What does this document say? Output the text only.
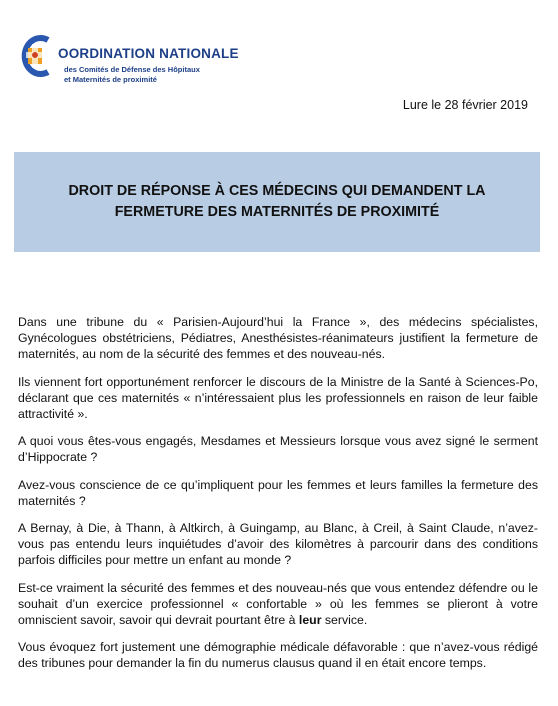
OORDINATION NATIONALE
des Comités de Défense des Hôpitaux
et Maternités de proximité
Lure le 28 février 2019
DROIT DE RÉPONSE À CES MÉDECINS QUI DEMANDENT LA
FERMETURE DES MATERNITÉS DE PROXIMITÉ

Dans une tribune du « Parisien-Aujourd’hui la France », des médecins spécialistes, Gynécologues obstétriciens, Pédiatres, Anesthésistes-réanimateurs justifient la fermeture de maternités, au nom de la sécurité des femmes et des nouveau-nés.

Ils viennent fort opportunément renforcer le discours de la Ministre de la Santé à Sciences-Po, déclarant que ces maternités « n’intéressaient plus les professionnels en raison de leur faible attractivité ».

A quoi vous êtes-vous engagés, Mesdames et Messieurs lorsque vous avez signé le serment d’Hippocrate ?

Avez-vous conscience de ce qu’impliquent pour les femmes et leurs familles la fermeture des maternités ?

A Bernay, à Die, à Thann, à Altkirch, à Guingamp, au Blanc, à Creil, à Saint Claude, n’avez-vous pas entendu leurs inquiétudes d’avoir des kilomètres à parcourir dans des conditions parfois difficiles pour mettre un enfant au monde ?

Est-ce vraiment la sécurité des femmes et des nouveau-nés que vous entendez défendre ou le souhait d’un exercice professionnel « confortable » où les femmes se plieront à votre omniscient savoir, savoir qui devrait pourtant être à leur service.

Vous évoquez fort justement une démographie médicale défavorable : que n’avez-vous rédigé des tribunes pour demander la fin du numerus clausus quand il en était encore temps.
